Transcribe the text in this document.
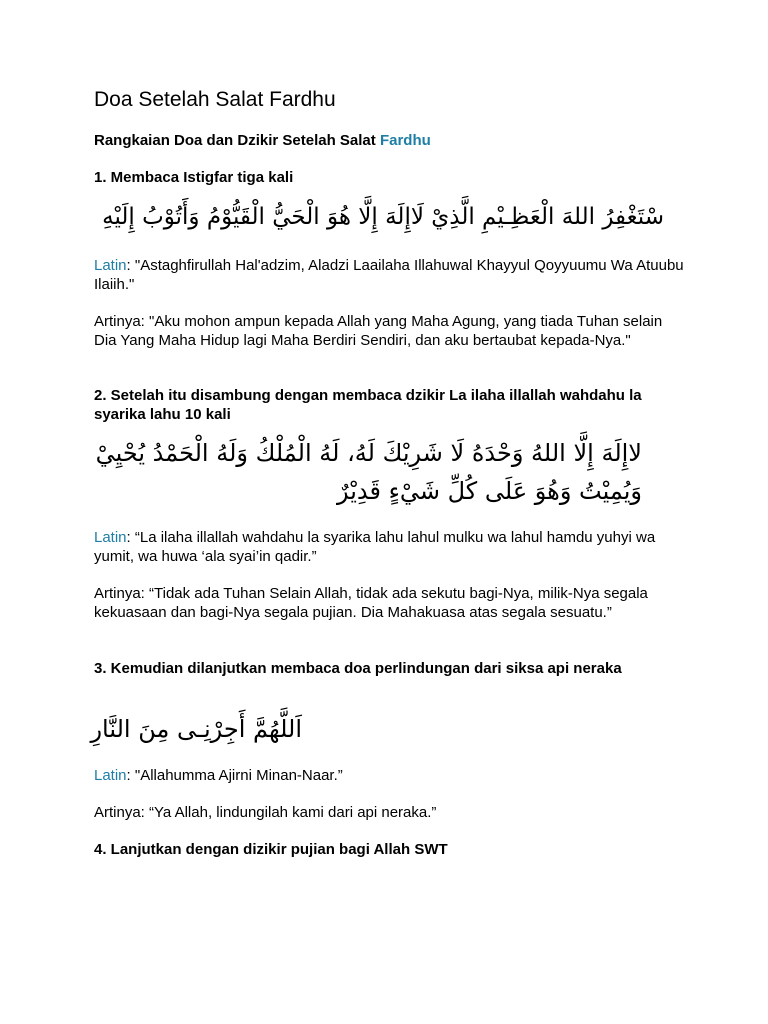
Doa Setelah Salat Fardhu

Rangkaian Doa dan Dzikir Setelah Salat Fardhu

1. Membaca Istigfar tiga kali

سْتَغْفِرُ اللهَ الْعَظِـيْمِ الَّذِيْ لَاإِلَهَ إِلَّا هُوَ الْحَيُّ الْقَيُّوْمُ وَأَتُوْبُ إِلَيْهِ

Latin: "Astaghfirullah Hal'adzim, Aladzi Laailaha Illahuwal Khayyul Qoyyuumu Wa Atuubu Ilaiih."

Artinya: "Aku mohon ampun kepada Allah yang Maha Agung, yang tiada Tuhan selain Dia Yang Maha Hidup lagi Maha Berdiri Sendiri, dan aku bertaubat kepada-Nya."

2. Setelah itu disambung dengan membaca dzikir La ilaha illallah wahdahu la syarika lahu 10 kali

لاإِلَهَ إِلَّا اللهُ وَحْدَهُ لَا شَرِيْكَ لَهُ، لَهُ الْمُلْكُ وَلَهُ الْحَمْدُ يُحْيِيْ وَيُمِيْتُ وَهُوَ عَلَى كُلِّ شَيْءٍ قَدِيْرٌ

Latin: “La ilaha illallah wahdahu la syarika lahu lahul mulku wa lahul hamdu yuhyi wa yumit, wa huwa ‘ala syai’in qadir.”

Artinya: “Tidak ada Tuhan Selain Allah, tidak ada sekutu bagi-Nya, milik-Nya segala kekuasaan dan bagi-Nya segala pujian. Dia Mahakuasa atas segala sesuatu.”

3. Kemudian dilanjutkan membaca doa perlindungan dari siksa api neraka

اَللَّهُمَّ أَجِرْنِـى مِنَ النَّارِ

Latin: "Allahumma Ajirni Minan-Naar.”

Artinya: “Ya Allah, lindungilah kami dari api neraka.”

4. Lanjutkan dengan dizikir pujian bagi Allah SWT
